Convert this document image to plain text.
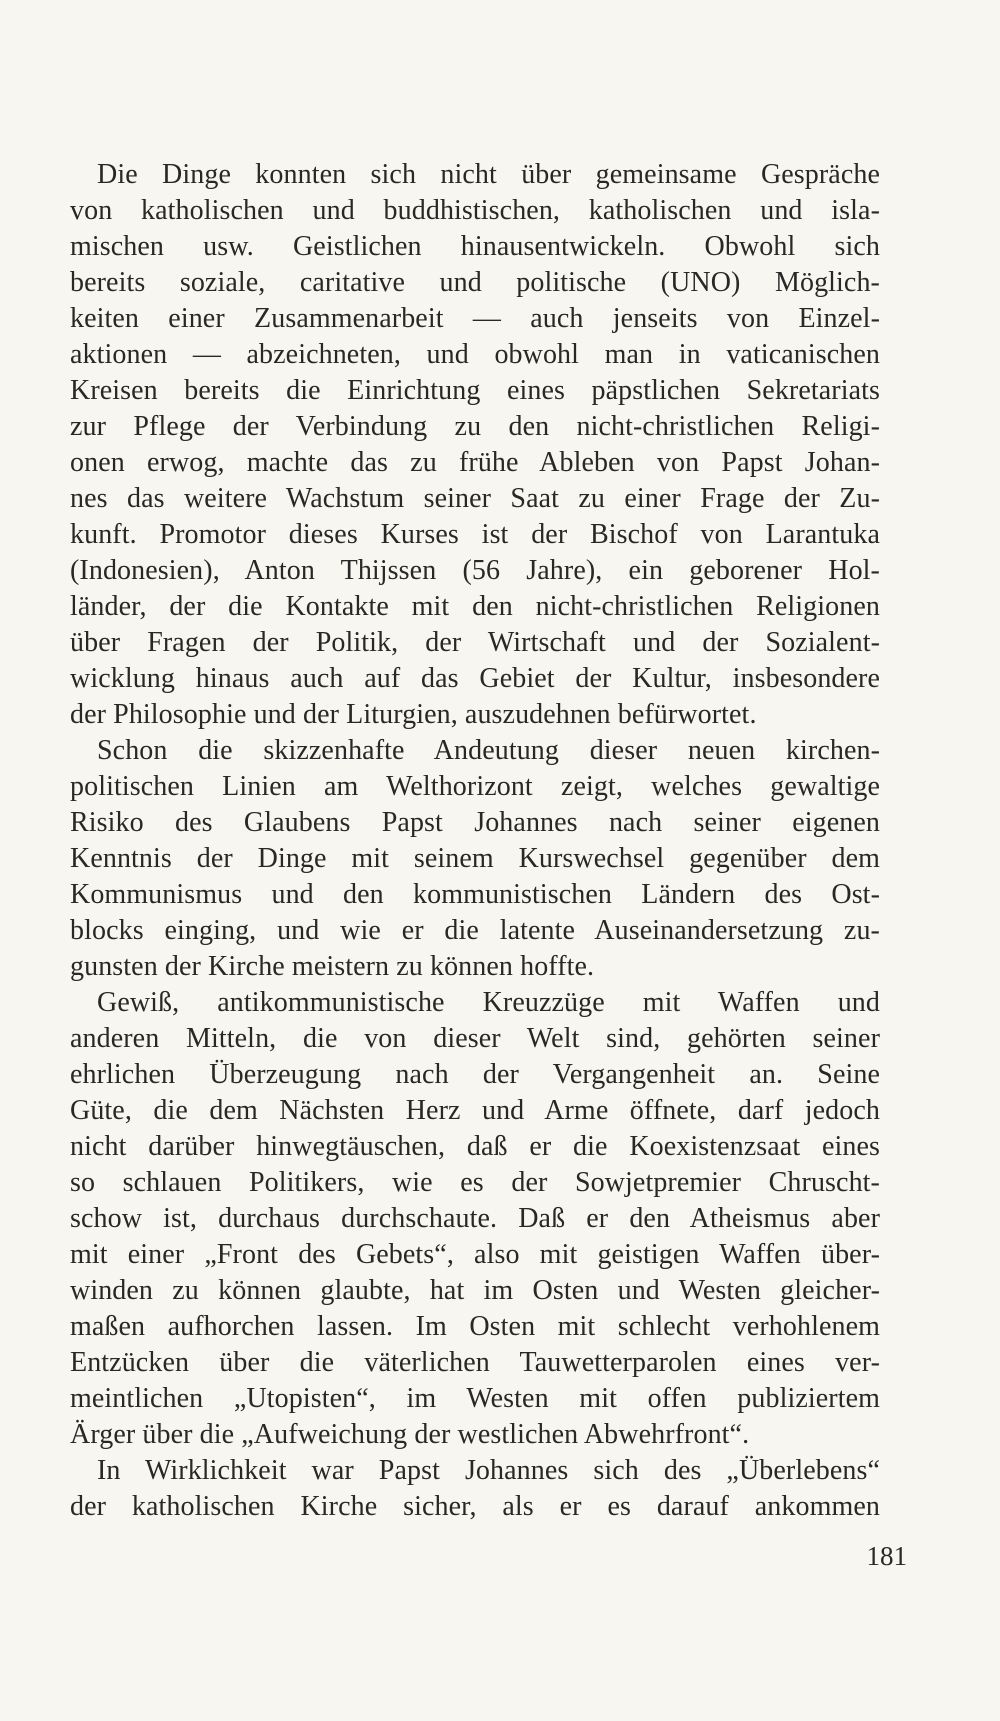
Die Dinge konnten sich nicht über gemeinsame Gespräche
von katholischen und buddhistischen, katholischen und isla-
mischen usw. Geistlichen hinausentwickeln. Obwohl sich
bereits soziale, caritative und politische (UNO) Möglich-
keiten einer Zusammenarbeit — auch jenseits von Einzel-
aktionen — abzeichneten, und obwohl man in vaticanischen
Kreisen bereits die Einrichtung eines päpstlichen Sekretariats
zur Pflege der Verbindung zu den nicht-christlichen Religi-
onen erwog, machte das zu frühe Ableben von Papst Johan-
nes das weitere Wachstum seiner Saat zu einer Frage der Zu-
kunft. Promotor dieses Kurses ist der Bischof von Larantuka
(Indonesien), Anton Thijssen (56 Jahre), ein geborener Hol-
länder, der die Kontakte mit den nicht-christlichen Religionen
über Fragen der Politik, der Wirtschaft und der Sozialent-
wicklung hinaus auch auf das Gebiet der Kultur, insbesondere
der Philosophie und der Liturgien, auszudehnen befürwortet.
Schon die skizzenhafte Andeutung dieser neuen kirchen-
politischen Linien am Welthorizont zeigt, welches gewaltige
Risiko des Glaubens Papst Johannes nach seiner eigenen
Kenntnis der Dinge mit seinem Kurswechsel gegenüber dem
Kommunismus und den kommunistischen Ländern des Ost-
blocks einging, und wie er die latente Auseinandersetzung zu-
gunsten der Kirche meistern zu können hoffte.
Gewiß, antikommunistische Kreuzzüge mit Waffen und
anderen Mitteln, die von dieser Welt sind, gehörten seiner
ehrlichen Überzeugung nach der Vergangenheit an. Seine
Güte, die dem Nächsten Herz und Arme öffnete, darf jedoch
nicht darüber hinwegtäuschen, daß er die Koexistenzsaat eines
so schlauen Politikers, wie es der Sowjetpremier Chruscht-
schow ist, durchaus durchschaute. Daß er den Atheismus aber
mit einer „Front des Gebets“, also mit geistigen Waffen über-
winden zu können glaubte, hat im Osten und Westen gleicher-
maßen aufhorchen lassen. Im Osten mit schlecht verhohlenem
Entzücken über die väterlichen Tauwetterparolen eines ver-
meintlichen „Utopisten“, im Westen mit offen publiziertem
Ärger über die „Aufweichung der westlichen Abwehrfront“.
In Wirklichkeit war Papst Johannes sich des „Überlebens“
der katholischen Kirche sicher, als er es darauf ankommen
181
